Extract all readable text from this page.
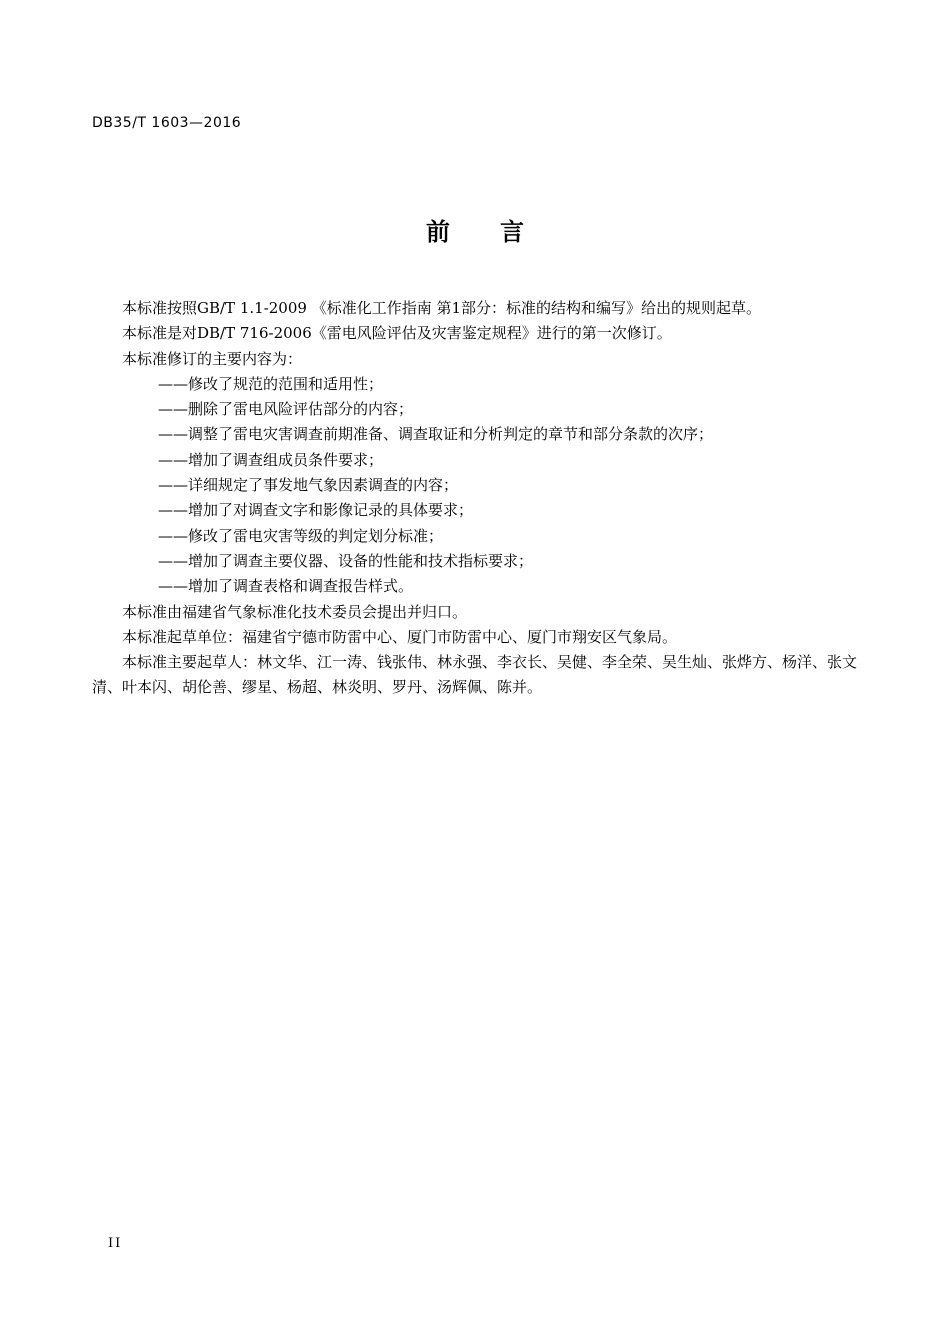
DB35/T 1603—2016
前言

本标准按照GB/T 1.1-2009 《标准化工作指南 第1部分：标准的结构和编写》给出的规则起草。

本标准是对DB/T 716-2006《雷电风险评估及灾害鉴定规程》进行的第一次修订。

本标准修订的主要内容为：

——修改了规范的范围和适用性；
——删除了雷电风险评估部分的内容；
——调整了雷电灾害调查前期准备、调查取证和分析判定的章节和部分条款的次序；
——增加了调查组成员条件要求；
——详细规定了事发地气象因素调查的内容；
——增加了对调查文字和影像记录的具体要求；
——修改了雷电灾害等级的判定划分标准；
——增加了调查主要仪器、设备的性能和技术指标要求；
——增加了调查表格和调查报告样式。

本标准由福建省气象标准化技术委员会提出并归口。

本标准起草单位：福建省宁德市防雷中心、厦门市防雷中心、厦门市翔安区气象局。

本标准主要起草人：林文华、江一涛、钱张伟、林永强、李衣长、吴健、李全荣、吴生灿、张烨方、杨洋、张文清、叶本闪、胡伦善、缪星、杨超、林炎明、罗丹、汤辉佩、陈并。

II
